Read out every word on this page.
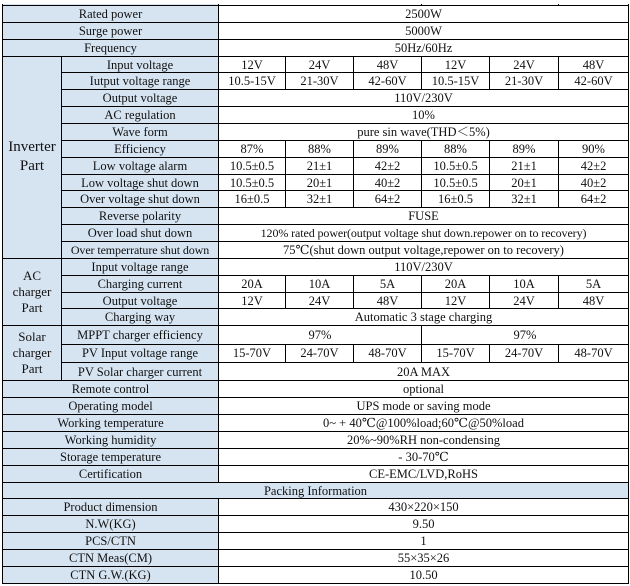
Rated power		2500W					
Surge power		5000W					
Frequency		50Hz/60Hz					
Inverter
Part	Input voltage	12V	24V	48V	12V	24V	48V
	Iutput voltage range	10.5-15V	21-30V	42-60V	10.5-15V	21-30V	42-60V
	Output voltage	110V/230V					
	AC regulation	10%					
	Wave form	pure sin wave(THD＜5%)					
	Efficiency	87%	88%	89%	88%	89%	90%
	Low voltage alarm	10.5±0.5	21±1	42±2	10.5±0.5	21±1	42±2
	Low voltage shut down	10.5±0.5	20±1	40±2	10.5±0.5	20±1	40±2
	Over voltage shut down	16±0.5	32±1	64±2	16±0.5	32±1	64±2
	Reverse polarity	FUSE					
	Over load shut down	120% rated power(output voltage shut down.repower on to recovery)					
	Over temperrature shut down	75℃(shut down output voltage,repower on to recovery)					
AC
charger
Part	Input voltage range	110V/230V					
	Charging current	20A	10A	5A	20A	10A	5A
	Output voltage	12V	24V	48V	12V	24V	48V
	Charging way	Automatic 3 stage charging					
Solar
charger
Part	MPPT charger efficiency	97%			97%		
	PV Input voltage range	15-70V	24-70V	48-70V	15-70V	24-70V	48-70V
	PV Solar charger current	20A MAX					
Remote control		optional					
Operating model		UPS mode or saving mode					
Working temperature		0~ + 40℃@100%load;60℃@50%load					
Working humidity		20%~90%RH non-condensing					
Storage temperature		- 30-70℃					
Certification		CE-EMC/LVD,RoHS					
Packing Information							
Product dimension		430×220×150					
N.W(KG)		9.50					
PCS/CTN		1					
CTN Meas(CM)		55×35×26					
CTN G.W.(KG)		10.50					
